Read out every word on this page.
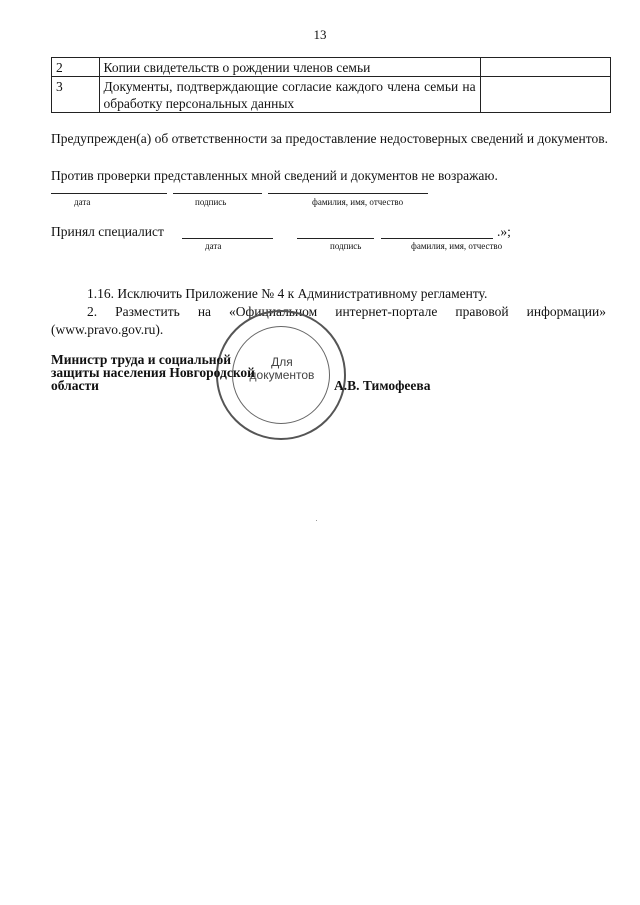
13
2	Копии свидетельств о рождении членов семьи	
3	Документы, подтверждающие согласие каждого члена семьи на обработку персональных данных	
Предупрежден(а) об ответственности за предоставление недостоверных сведений и документов.
Против проверки представленных мной сведений и документов не возражаю.
дата	подпись	фамилия, имя, отчество
Принял специалист	.»;
дата	подпись	фамилия, имя, отчество
1.16. Исключить Приложение № 4 к Административному регламенту.
2. Разместить на «Официальном интернет-портале правовой информации» (www.pravo.gov.ru).
Для документов
Министр труда и социальной
защиты населения Новгородской
области	А.В. Тимофеева
